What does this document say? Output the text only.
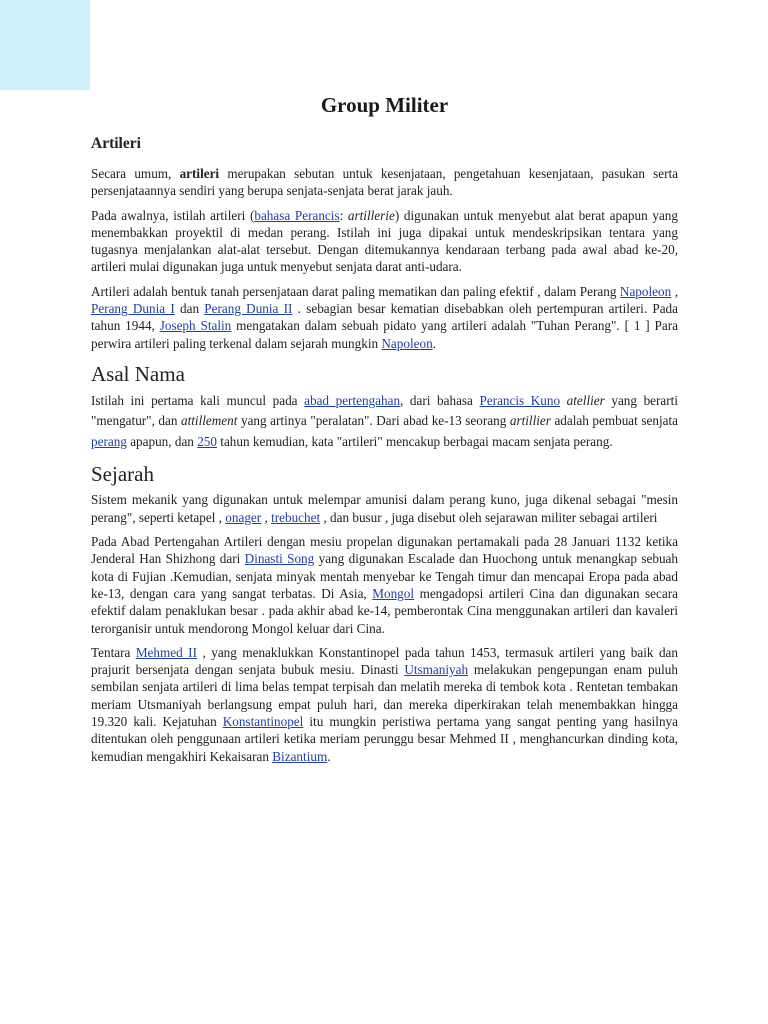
Group Militer
Artileri

Secara umum, artileri merupakan sebutan untuk kesenjataan, pengetahuan kesenjataan, pasukan serta persenjataannya sendiri yang berupa senjata-senjata berat jarak jauh.

Pada awalnya, istilah artileri (bahasa Perancis: artillerie) digunakan untuk menyebut alat berat apapun yang menembakkan proyektil di medan perang. Istilah ini juga dipakai untuk mendeskripsikan tentara yang tugasnya menjalankan alat-alat tersebut. Dengan ditemukannya kendaraan terbang pada awal abad ke-20, artileri mulai digunakan juga untuk menyebut senjata darat anti-udara.

Artileri adalah bentuk tanah persenjataan darat paling mematikan dan paling efektif , dalam Perang Napoleon , Perang Dunia I dan Perang Dunia II . sebagian besar kematian disebabkan oleh pertempuran artileri. Pada tahun 1944, Joseph Stalin mengatakan dalam sebuah pidato yang artileri adalah "Tuhan Perang". [ 1 ] Para perwira artileri paling terkenal dalam sejarah mungkin Napoleon.

Asal Nama

Istilah ini pertama kali muncul pada abad pertengahan, dari bahasa Perancis Kuno atellier yang berarti "mengatur", dan attillement yang artinya "peralatan". Dari abad ke-13 seorang artillier adalah pembuat senjata perang apapun, dan 250 tahun kemudian, kata "artileri" mencakup berbagai macam senjata perang.

Sejarah

Sistem mekanik yang digunakan untuk melempar amunisi dalam perang kuno, juga dikenal sebagai "mesin perang", seperti ketapel , onager , trebuchet , dan busur , juga disebut oleh sejarawan militer sebagai artileri

Pada Abad Pertengahan Artileri dengan mesiu propelan digunakan pertamakali pada 28 Januari 1132 ketika Jenderal Han Shizhong dari Dinasti Song yang digunakan Escalade dan Huochong untuk menangkap sebuah kota di Fujian .Kemudian, senjata minyak mentah menyebar ke Tengah timur dan mencapai Eropa pada abad ke-13, dengan cara yang sangat terbatas. Di Asia, Mongol mengadopsi artileri Cina dan digunakan secara efektif dalam penaklukan besar . pada akhir abad ke-14, pemberontak Cina menggunakan artileri dan kavaleri terorganisir untuk mendorong Mongol keluar dari Cina.

Tentara Mehmed II , yang menaklukkan Konstantinopel pada tahun 1453, termasuk artileri yang baik dan prajurit bersenjata dengan senjata bubuk mesiu. Dinasti Utsmaniyah melakukan pengepungan enam puluh sembilan senjata artileri di lima belas tempat terpisah dan melatih mereka di tembok kota . Rentetan tembakan meriam Utsmaniyah berlangsung empat puluh hari, dan mereka diperkirakan telah menembakkan hingga 19.320 kali. Kejatuhan Konstantinopel itu mungkin peristiwa pertama yang sangat penting yang hasilnya ditentukan oleh penggunaan artileri ketika meriam perunggu besar Mehmed II , menghancurkan dinding kota, kemudian mengakhiri Kekaisaran Bizantium.
